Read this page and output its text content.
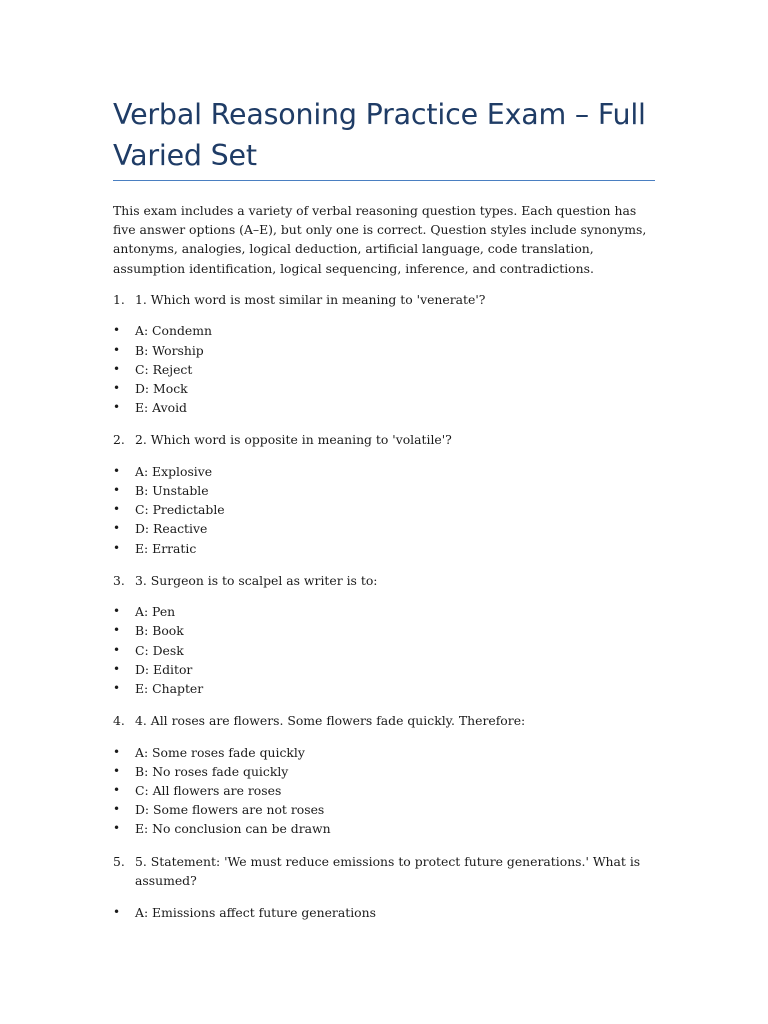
Verbal Reasoning Practice Exam – Full Varied Set

This exam includes a variety of verbal reasoning question types. Each question has five answer options (A–E), but only one is correct. Question styles include synonyms, antonyms, analogies, logical deduction, artificial language, code translation, assumption identification, logical sequencing, inference, and contradictions.

1. 1. Which word is most similar in meaning to 'venerate'?
• A: Condemn
• B: Worship
• C: Reject
• D: Mock
• E: Avoid
2. 2. Which word is opposite in meaning to 'volatile'?
• A: Explosive
• B: Unstable
• C: Predictable
• D: Reactive
• E: Erratic
3. 3. Surgeon is to scalpel as writer is to:
• A: Pen
• B: Book
• C: Desk
• D: Editor
• E: Chapter
4. 4. All roses are flowers. Some flowers fade quickly. Therefore:
• A: Some roses fade quickly
• B: No roses fade quickly
• C: All flowers are roses
• D: Some flowers are not roses
• E: No conclusion can be drawn
5. 5. Statement: 'We must reduce emissions to protect future generations.' What is assumed?
• A: Emissions affect future generations
